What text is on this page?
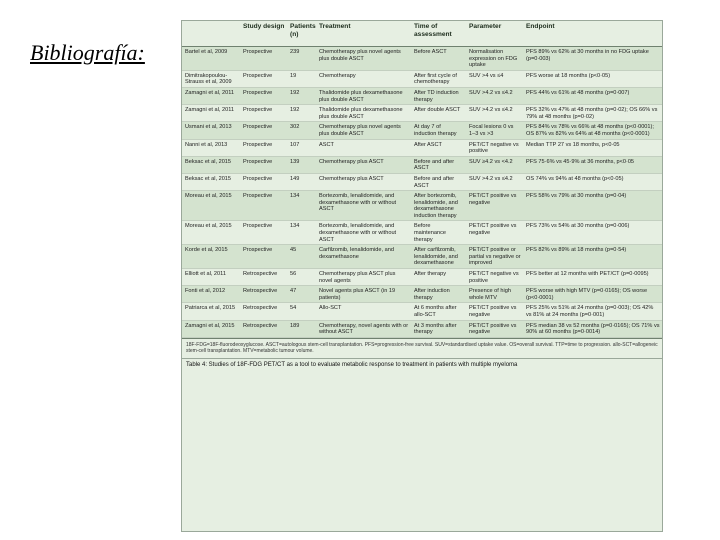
Bibliografía:
	Study design	Patients (n)	Treatment	Time of assessment	Parameter	Endpoint
Bartel et al, 2009	Prospective	239	Chemotherapy plus novel agents plus double ASCT	Before ASCT	Normalisation expression on FDG uptake	PFS 89% vs 62% at 30 months in no FDG uptake (p=0·003)
Dimitrakopoulou-Strauss et al, 2009	Prospective	19	Chemotherapy	After first cycle of chemotherapy	SUV >4 vs ≤4	PFS worse at 18 months (p<0·05)
Zamagni et al, 2011	Prospective	192	Thalidomide plus dexamethasone plus double ASCT	After TD induction therapy	SUV >4.2 vs ≤4.2	PFS 44% vs 61% at 48 months (p=0·007)
Zamagni et al, 2011	Prospective	192	Thalidomide plus dexamethasone plus double ASCT	After double ASCT	SUV >4.2 vs ≤4.2	PFS 32% vs 47% at 48 months (p=0·02); OS 66% vs 79% at 48 months (p=0·02)
Usmani et al, 2013	Prospective	302	Chemotherapy plus novel agents plus double ASCT	At day 7 of induction therapy	Focal lesions 0 vs 1–3 vs >3	PFS 84% vs 78% vs 66% at 48 months (p<0·0001); OS 87% vs 82% vs 64% at 48 months (p<0·0001)
Nanni et al, 2013	Prospective	107	ASCT	After ASCT	PET/CT negative vs positive	Median TTP 27 vs 18 months, p<0·05
Beksac et al, 2015	Prospective	139	Chemotherapy plus ASCT	Before and after ASCT	SUV ≥4.2 vs <4.2	PFS 75·6% vs 45·9% at 36 months, p<0·05
Beksac et al, 2015	Prospective	149	Chemotherapy plus ASCT	Before and after ASCT	SUV >4.2 vs ≤4.2	OS 74% vs 94% at 48 months (p<0·05)
Moreau et al, 2015	Prospective	134	Bortezomib, lenalidomide, and dexamethasone with or without ASCT	After bortezomib, lenalidomide, and dexamethasone induction therapy	PET/CT positive vs negative	PFS 58% vs 79% at 30 months (p=0·04)
Moreau et al, 2015	Prospective	134	Bortezomib, lenalidomide, and dexamethasone with or without ASCT	Before maintenance therapy	PET/CT positive vs negative	PFS 73% vs 54% at 30 months (p=0·006)
Korde et al, 2015	Prospective	45	Carfilzomib, lenalidomide, and dexamethasone	After carfilzomib, lenalidomide, and dexamethasone	PET/CT positive or partial vs negative or improved	PFS 82% vs 89% at 18 months (p=0·54)
Elliott et al, 2011	Retrospective	56	Chemotherapy plus ASCT plus novel agents	After therapy	PET/CT negative vs positive	PFS better at 12 months with PET/CT (p=0·0095)
Fonti et al, 2012	Retrospective	47	Novel agents plus ASCT (in 19 patients)	After induction therapy	Presence of high whole MTV	PFS worse with high MTV (p=0·0165); OS worse (p<0·0001)
Patriarca et al, 2015	Retrospective	54	Allo-SCT	At 6 months after allo-SCT	PET/CT positive vs negative	PFS 25% vs 51% at 24 months (p=0·003); OS 42% vs 81% at 24 months (p=0·001)
Zamagni et al, 2015	Retrospective	189	Chemotherapy, novel agents with or without ASCT	At 3 months after therapy	PET/CT positive vs negative	PFS median 38 vs 52 months (p=0·0165); OS 71% vs 90% at 60 months (p=0·0014)
18F-FDG=18F-fluorodeoxyglucose. ASCT=autologous stem-cell transplantation. PFS=progression-free survival. SUV=standardised uptake value. OS=overall survival. TTP=time to progression. allo-SCT=allogeneic stem-cell transplantation. MTV=metabolic tumour volume.
Table 4: Studies of 18F-FDG PET/CT as a tool to evaluate metabolic response to treatment in patients with multiple myeloma
